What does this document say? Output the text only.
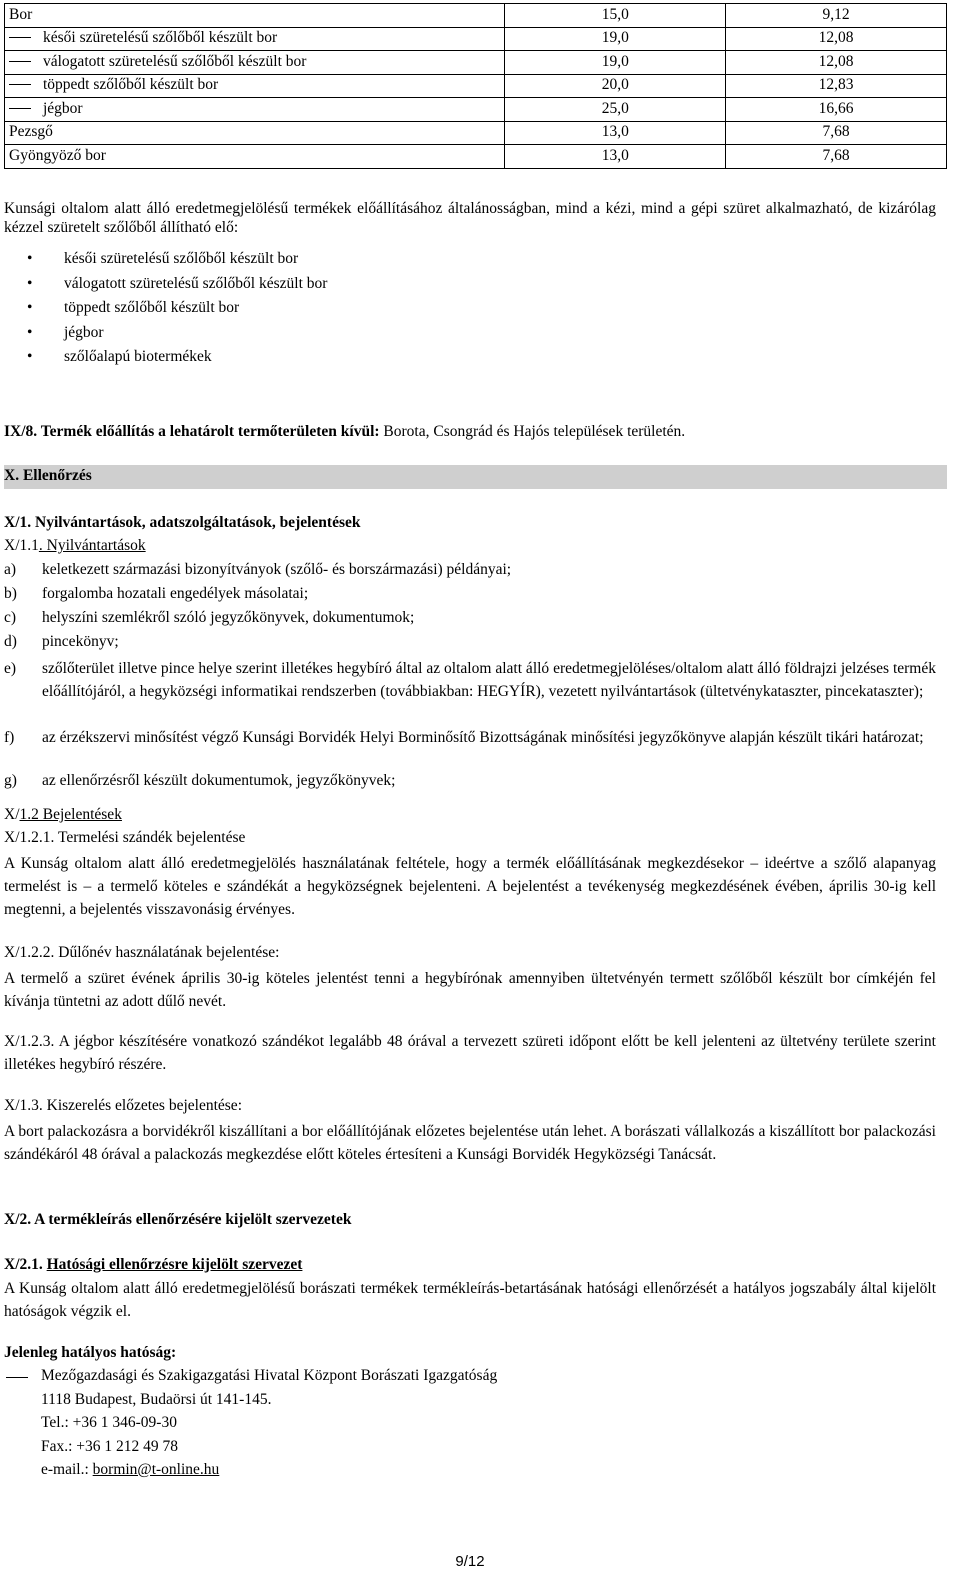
Bor	15,0	9,12
késői szüretelésű szőlőből készült bor	19,0	12,08
válogatott szüretelésű szőlőből készült bor	19,0	12,08
töppedt szőlőből készült bor	20,0	12,83
jégbor	25,0	16,66
Pezsgő	13,0	7,68
Gyöngyöző bor	13,0	7,68
Kunsági oltalom alatt álló eredetmegjelölésű termékek előállításához általánosságban, mind a kézi, mind a gépi szüret alkalmazható, de kizárólag kézzel szüretelt szőlőből állítható elő:
• késői szüretelésű szőlőből készült bor
• válogatott szüretelésű szőlőből készült bor
• töppedt szőlőből készült bor
• jégbor
• szőlőalapú biotermékek
IX/8. Termék előállítás a lehatárolt termőterületen kívül: Borota, Csongrád és Hajós települések területén.
X. Ellenőrzés
X/1. Nyilvántartások, adatszolgáltatások, bejelentések
X/1.1. Nyilvántartások
a) keletkezett származási bizonyítványok (szőlő- és borszármazási) példányai;
b) forgalomba hozatali engedélyek másolatai;
c) helyszíni szemlékről szóló jegyzőkönyvek, dokumentumok;
d) pincekönyv;
e) szőlőterület illetve pince helye szerint illetékes hegybíró által az oltalom alatt álló eredetmegjelöléses/oltalom alatt álló földrajzi jelzéses termék előállítójáról, a hegyközségi informatikai rendszerben (továbbiakban: HEGYÍR), vezetett nyilvántartások (ültetvénykataszter, pincekataszter);
f) az érzékszervi minősítést végző Kunsági Borvidék Helyi Borminősítő Bizottságának minősítési jegyzőkönyve alapján készült tikári határozat;
g) az ellenőrzésről készült dokumentumok, jegyzőkönyvek;
X/1.2 Bejelentések
X/1.2.1. Termelési szándék bejelentése
A Kunság oltalom alatt álló eredetmegjelölés használatának feltétele, hogy a termék előállításának megkezdésekor – ideértve a szőlő alapanyag termelést is – a termelő köteles e szándékát a hegyközségnek bejelenteni. A bejelentést a tevékenység megkezdésének évében, április 30-ig kell megtenni, a bejelentés visszavonásig érvényes.
X/1.2.2. Dűlőnév használatának bejelentése:
A termelő a szüret évének április 30-ig köteles jelentést tenni a hegybírónak amennyiben ültetvényén termett szőlőből készült bor címkéjén fel kívánja tüntetni az adott dűlő nevét.
X/1.2.3. A jégbor készítésére vonatkozó szándékot legalább 48 órával a tervezett szüreti időpont előtt be kell jelenteni az ültetvény területe szerint illetékes hegybíró részére.
X/1.3. Kiszerelés előzetes bejelentése:
A bort palackozásra a borvidékről kiszállítani a bor előállítójának előzetes bejelentése után lehet. A borászati vállalkozás a kiszállított bor palackozási szándékáról 48 órával a palackozás megkezdése előtt köteles értesíteni a Kunsági Borvidék Hegyközségi Tanácsát.
X/2. A termékleírás ellenőrzésére kijelölt szervezetek
X/2.1. Hatósági ellenőrzésre kijelölt szervezet
A Kunság oltalom alatt álló eredetmegjelölésű borászati termékek termékleírás-betartásának hatósági ellenőrzését a hatályos jogszabály által kijelölt hatóságok végzik el.
Jelenleg hatályos hatóság:
Mezőgazdasági és Szakigazgatási Hivatal Központ Borászati Igazgatóság
1118 Budapest, Budaörsi út 141-145.
Tel.: +36 1 346-09-30
Fax.: +36 1 212 49 78
e-mail.: bormin@t-online.hu
9/12
